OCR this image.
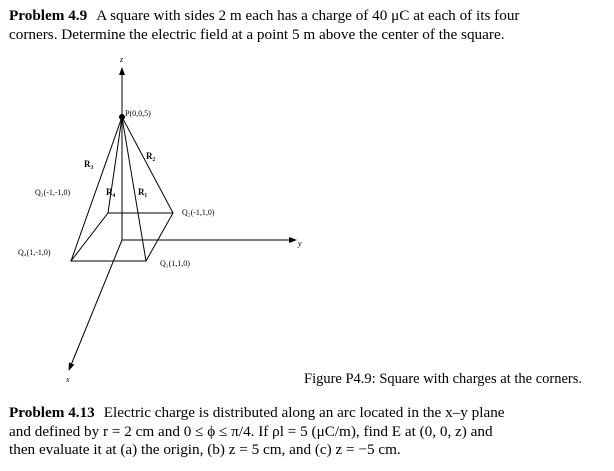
Problem 4.9 A square with sides 2 m each has a charge of 40 μC at each of its four
corners. Determine the electric field at a point 5 m above the center of the square.
z
y
x
P(0,0,5)
Q₃(-1,-1,0)
Q₂(-1,1,0)
Q₄(1,-1,0)
Q₁(1,1,0)
R₃
R₂
R₄	R₁
Figure P4.9: Square with charges at the corners.
Problem 4.13 Electric charge is distributed along an arc located in the x–y plane
and defined by r = 2 cm and 0 ≤ ϕ ≤ π/4. If ρl = 5 (μC/m), find E at (0, 0, z) and
then evaluate it at (a) the origin, (b) z = 5 cm, and (c) z = −5 cm.
